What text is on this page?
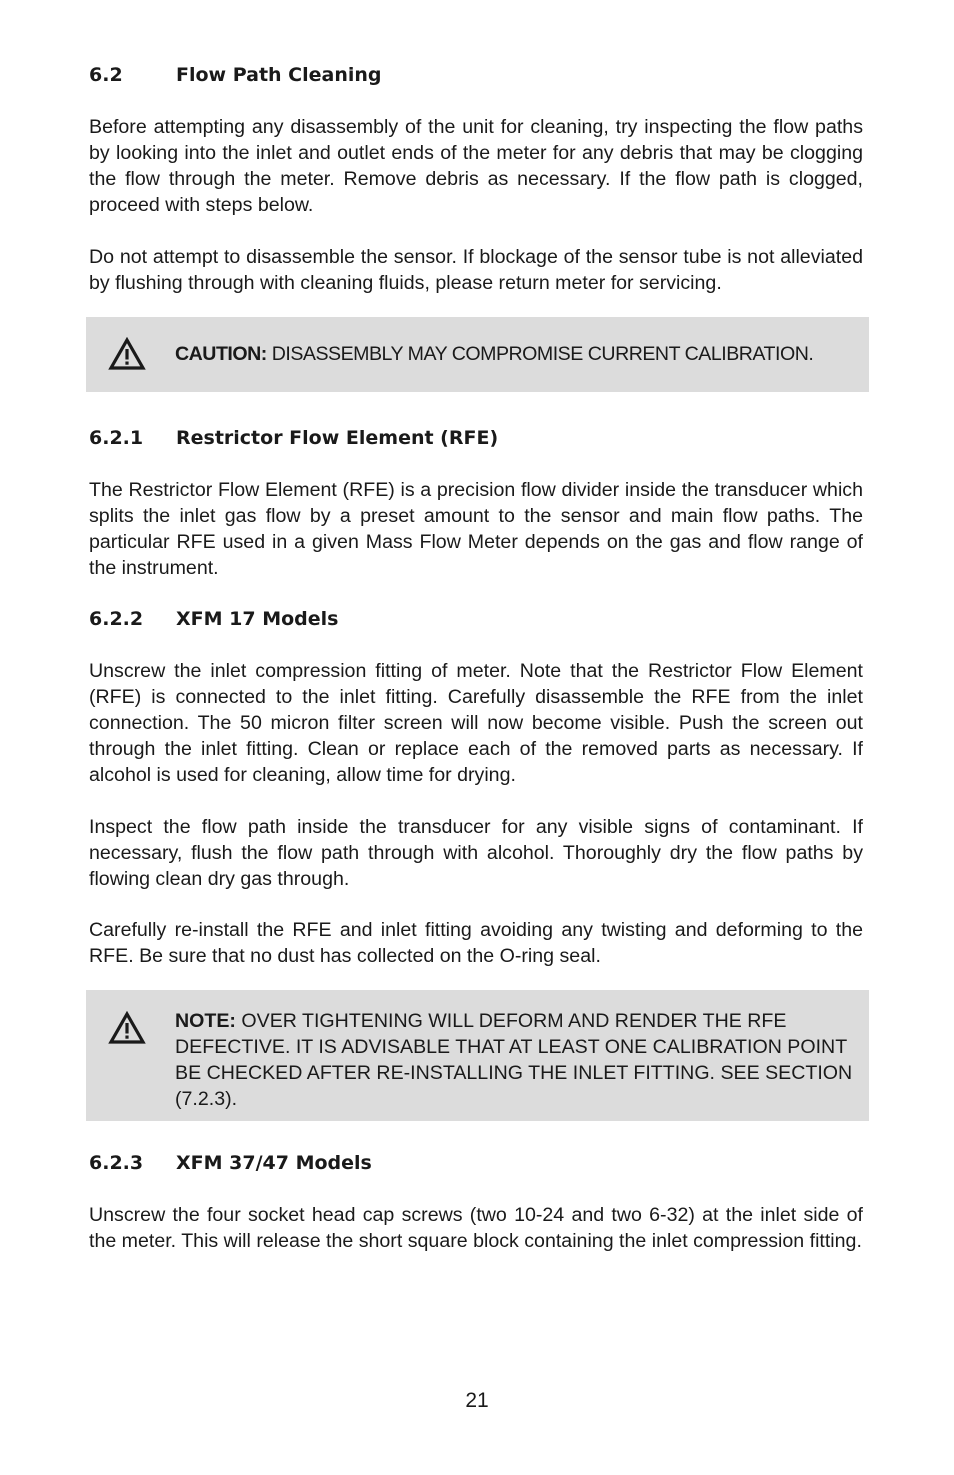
6.2	Flow Path Cleaning

Before attempting any disassembly of the unit for cleaning, try inspecting the flow paths by looking into the inlet and outlet ends of the meter for any debris that may be clogging the flow through the meter. Remove debris as necessary. If the flow path is clogged, proceed with steps below.

Do not attempt to disassemble the sensor. If blockage of the sensor tube is not alleviated by flushing through with cleaning fluids, please return meter for servicing.

CAUTION: DISASSEMBLY MAY COMPROMISE CURRENT CALIBRATION.
6.2.1 Restrictor Flow Element (RFE)

The Restrictor Flow Element (RFE) is a precision flow divider inside the transducer which splits the inlet gas flow by a preset amount to the sensor and main flow paths. The particular RFE used in a given Mass Flow Meter depends on the gas and flow range of the instrument.

6.2.2 XFM 17 Models

Unscrew the inlet compression fitting of meter. Note that the Restrictor Flow Element (RFE) is connected to the inlet fitting. Carefully disassemble the RFE from the inlet connection. The 50 micron filter screen will now become visible. Push the screen out through the inlet fitting. Clean or replace each of the removed parts as necessary. If alcohol is used for cleaning, allow time for drying.

Inspect the flow path inside the transducer for any visible signs of contaminant. If necessary, flush the flow path through with alcohol. Thoroughly dry the flow paths by flowing clean dry gas through.

Carefully re-install the RFE and inlet fitting avoiding any twisting and deforming to the RFE. Be sure that no dust has collected on the O-ring seal.

NOTE: OVER TIGHTENING WILL DEFORM AND RENDER THE RFE DEFECTIVE. IT IS ADVISABLE THAT AT LEAST ONE CALIBRATION POINT BE CHECKED AFTER RE-INSTALLING THE INLET FITTING. SEE SECTION (7.2.3).
6.2.3 XFM 37/47 Models

Unscrew the four socket head cap screws (two 10-24 and two 6-32) at the inlet side of the meter. This will release the short square block containing the inlet compression fitting.

21
